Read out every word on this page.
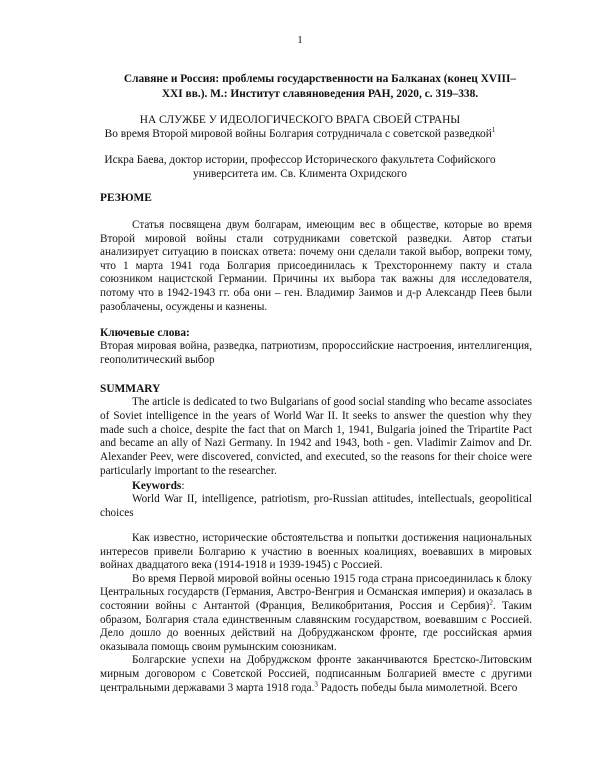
1
Славяне и Россия: проблемы государственности на Балканах (конец XVIII–
XXI вв.). М.: Институт славяноведения РАН, 2020, с. 319–338.
НА СЛУЖБЕ У ИДЕОЛОГИЧЕСКОГО ВРАГА СВОЕЙ СТРАНЫ
Во время Второй мировой войны Болгария сотрудничала с советской разведкой$^1$
Искра Баева, доктор истории, профессор Исторического факультета Софийского
университета им. Св. Климента Охридского
РЕЗЮМЕ

Статья посвящена двум болгарам, имеющим вес в обществе, которые во время Второй мировой войны стали сотрудниками советской разведки. Автор статьи анализирует ситуацию в поисках ответа: почему они сделали такой выбор, вопреки тому, что 1 марта 1941 года Болгария присоединилась к Трехстороннему пакту и стала союзником нацистской Германии. Причины их выбора так важны для исследователя, потому что в 1942-1943 гг. оба они – ген. Владимир Заимов и д-р Александр Пеев были разоблачены, осуждены и казнены.

Ключевые слова:

Вторая мировая война, разведка, патриотизм, пророссийские настроения, интеллигенция, геополитический выбор

SUMMARY

The article is dedicated to two Bulgarians of good social standing who became associates of Soviet intelligence in the years of World War II. It seeks to answer the question why they made such a choice, despite the fact that on March 1, 1941, Bulgaria joined the Tripartite Pact and became an ally of Nazi Germany. In 1942 and 1943, both - gen. Vladimir Zaimov and Dr. Alexander Peev, were discovered, convicted, and executed, so the reasons for their choice were particularly important to the researcher.

Keywords:

World War II, intelligence, patriotism, pro-Russian attitudes, intellectuals, geopolitical choices

Как известно, исторические обстоятельства и попытки достижения национальных интересов привели Болгарию к участию в военных коалициях, воевавших в мировых войнах двадцатого века (1914-1918 и 1939-1945) с Россией.

Во время Первой мировой войны осенью 1915 года страна присоединилась к блоку Центральных государств (Германия, Австро-Венгрия и Османская империя) и оказалась в состоянии войны с Антантой (Франция, Великобритания, Россия и Сербия)$^2$. Таким образом, Болгария стала единственным славянским государством, воевавшим с Россией. Дело дошло до военных действий на Добруджанском фронте, где российская армия оказывала помощь своим румынским союзникам.

Болгарские успехи на Добруджском фронте заканчиваются Брестско-Литовским мирным договором с Советской Россией, подписанным Болгарией вместе с другими центральными державами 3 марта 1918 года.$^3$ Радость победы была мимолетной. Всего
